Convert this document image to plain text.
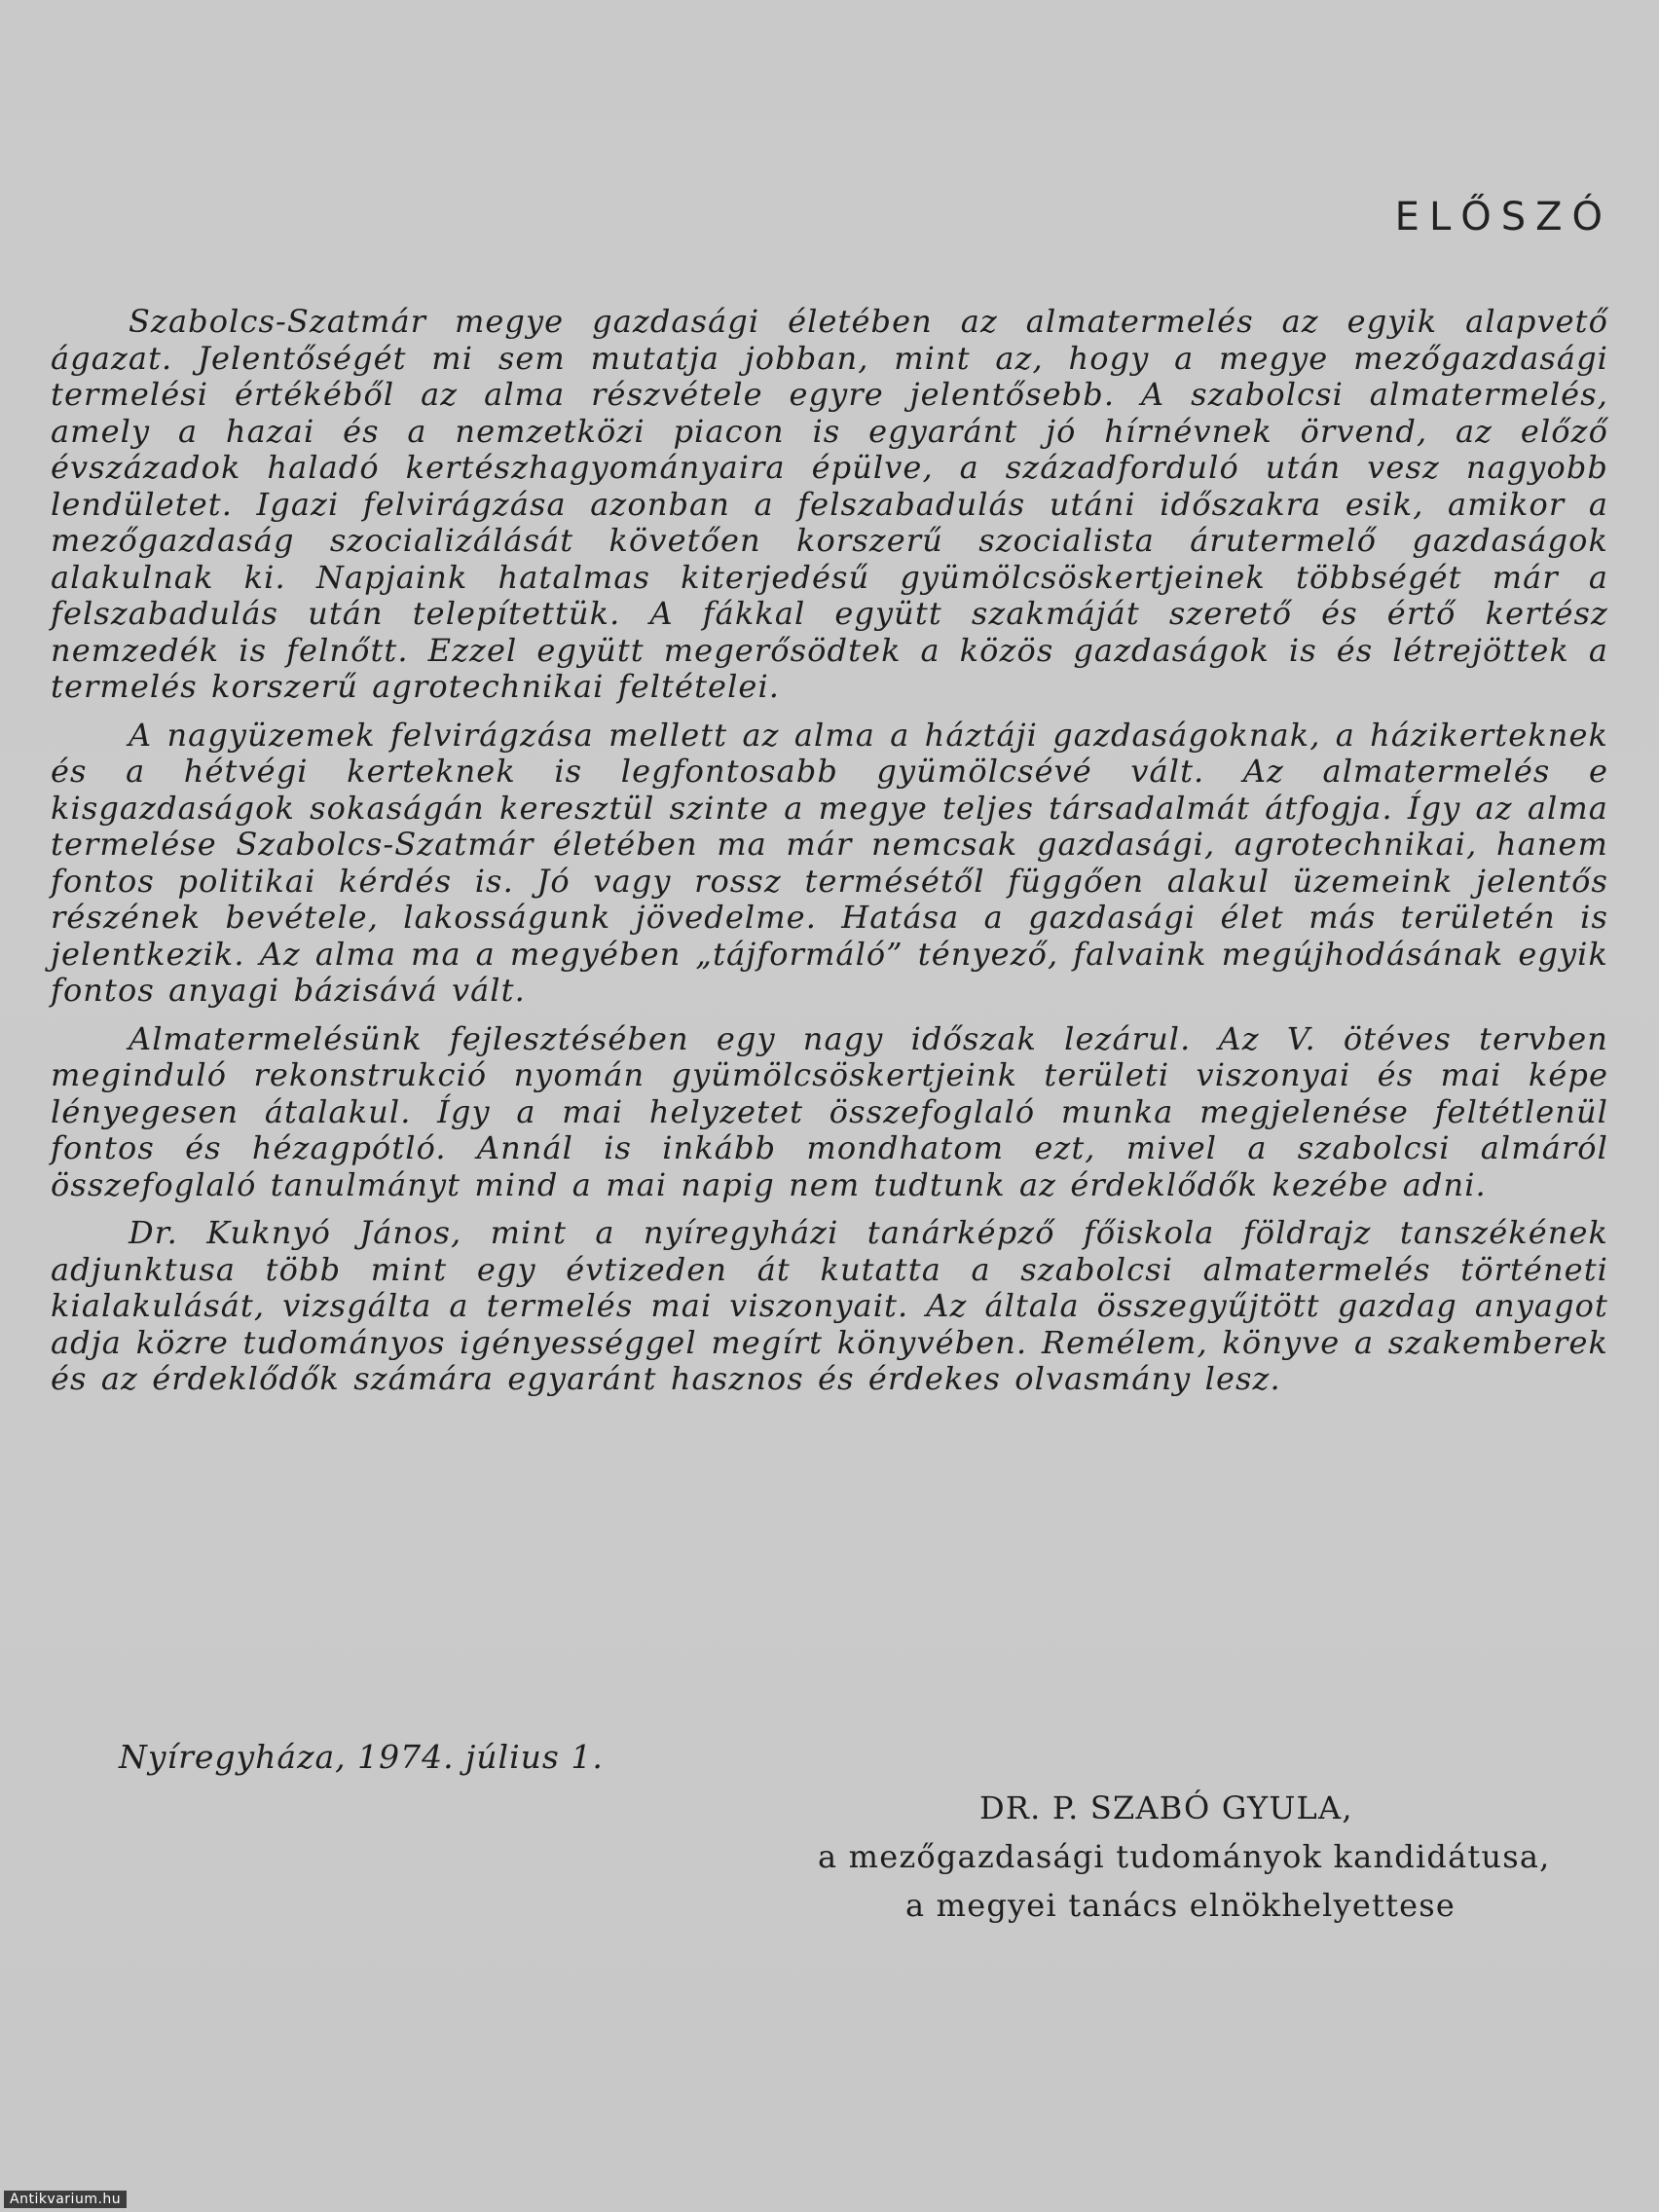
ELŐSZÓ

Szabolcs-Szatmár megye gazdasági életében az almatermelés az egyik alapvető ágazat. Jelentőségét mi sem mutatja jobban, mint az, hogy a megye mezőgazdasági termelési értékéből az alma részvétele egyre jelentősebb. A szabolcsi almatermelés, amely a hazai és a nemzetközi piacon is egyaránt jó hírnévnek örvend, az előző évszázadok haladó kertészhagyományaira épülve, a századforduló után vesz nagyobb lendületet. Igazi felvirágzása azonban a felszabadulás utáni időszakra esik, amikor a mezőgazdaság szocializálását követően korszerű szocialista árutermelő gazdaságok alakulnak ki. Napjaink hatalmas kiterjedésű gyümölcsöskertjeinek többségét már a felszabadulás után telepítettük. A fákkal együtt szakmáját szerető és értő kertész nemzedék is felnőtt. Ezzel együtt megerősödtek a közös gazdaságok is és létrejöttek a termelés korszerű agrotechnikai feltételei.

A nagyüzemek felvirágzása mellett az alma a háztáji gazdaságoknak, a házikerteknek és a hétvégi kerteknek is legfontosabb gyümölcsévé vált. Az almatermelés e kisgazdaságok sokaságán keresztül szinte a megye teljes társadalmát átfogja. Így az alma termelése Szabolcs-Szatmár életében ma már nemcsak gazdasági, agrotechnikai, hanem fontos politikai kérdés is. Jó vagy rossz termésétől függően alakul üzemeink jelentős részének bevétele, lakosságunk jövedelme. Hatása a gazdasági élet más területén is jelentkezik. Az alma ma a megyében „tájformáló” tényező, falvaink megújhodásának egyik fontos anyagi bázisává vált.

Almatermelésünk fejlesztésében egy nagy időszak lezárul. Az V. ötéves tervben meginduló rekonstrukció nyomán gyümölcsöskertjeink területi viszonyai és mai képe lényegesen átalakul. Így a mai helyzetet összefoglaló munka megjelenése feltétlenül fontos és hézagpótló. Annál is inkább mondhatom ezt, mivel a szabolcsi almáról összefoglaló tanulmányt mind a mai napig nem tudtunk az érdeklődők kezébe adni.

Dr. Kuknyó János, mint a nyíregyházi tanárképző főiskola földrajz tanszékének adjunktusa több mint egy évtizeden át kutatta a szabolcsi almatermelés történeti kialakulását, vizsgálta a termelés mai viszonyait. Az általa összegyűjtött gazdag anyagot adja közre tudományos igényességgel megírt könyvében. Remélem, könyve a szakemberek és az érdeklődők számára egyaránt hasznos és érdekes olvasmány lesz.

Nyíregyháza, 1974. július 1.

DR. P. SZABÓ GYULA,
a mezőgazdasági tudományok kandidátusa,
a megyei tanács elnökhelyettese
Antikvarium.hu
